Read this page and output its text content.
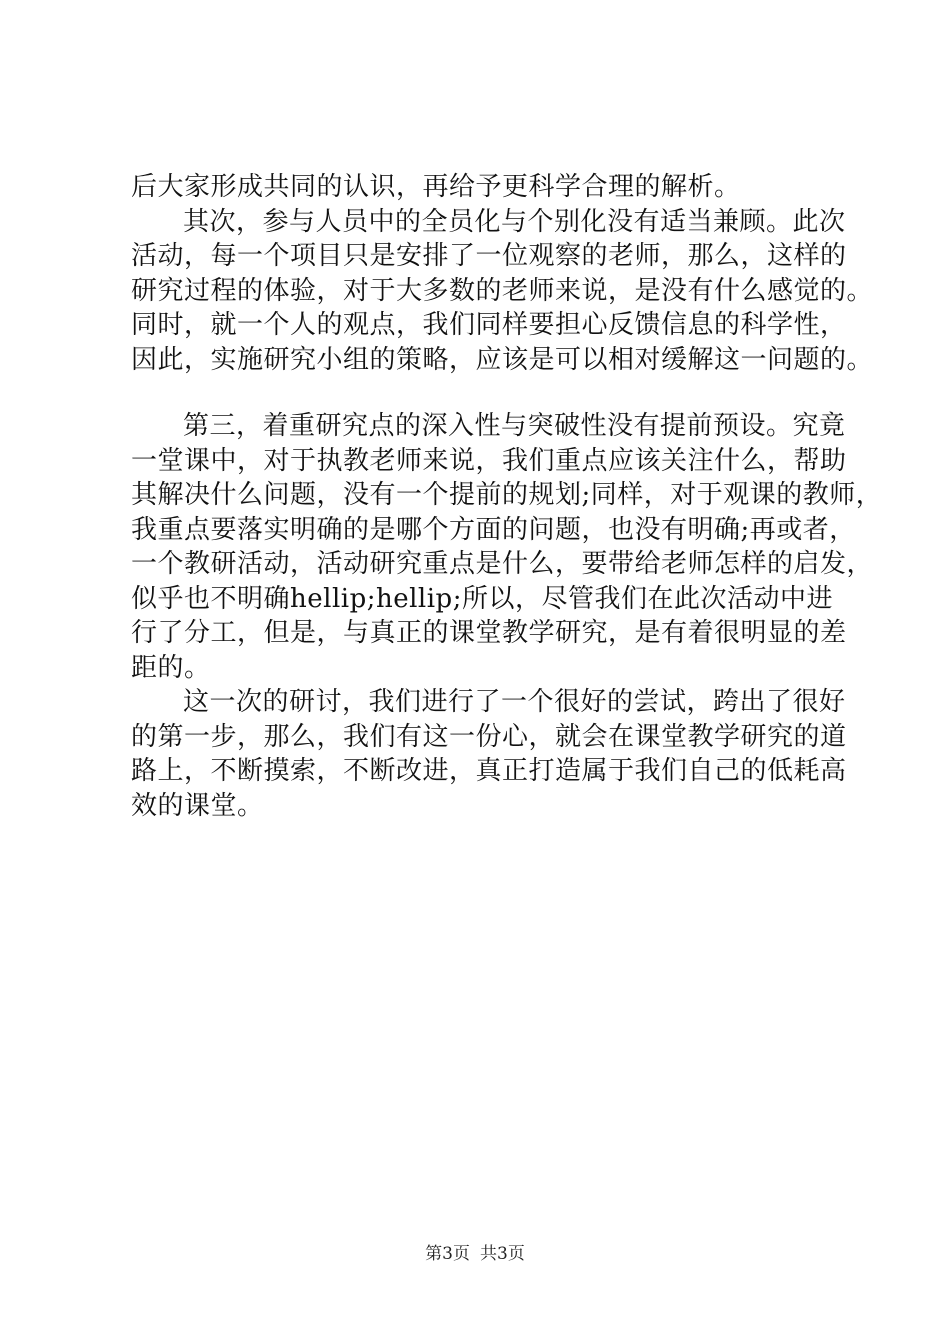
后大家形成共同的认识，再给予更科学合理的解析。
其次，参与人员中的全员化与个别化没有适当兼顾。此次
活动，每一个项目只是安排了一位观察的老师，那么，这样的
研究过程的体验，对于大多数的老师来说，是没有什么感觉的。
同时，就一个人的观点，我们同样要担心反馈信息的科学性，
因此，实施研究小组的策略，应该是可以相对缓解这一问题的。
第三，着重研究点的深入性与突破性没有提前预设。究竟
一堂课中，对于执教老师来说，我们重点应该关注什么，帮助
其解决什么问题，没有一个提前的规划;同样，对于观课的教师，
我重点要落实明确的是哪个方面的问题，也没有明确;再或者，
一个教研活动，活动研究重点是什么，要带给老师怎样的启发，
似乎也不明确hellip;hellip;所以，尽管我们在此次活动中进
行了分工，但是，与真正的课堂教学研究，是有着很明显的差
距的。
这一次的研讨，我们进行了一个很好的尝试，跨出了很好
的第一步，那么，我们有这一份心，就会在课堂教学研究的道
路上，不断摸索，不断改进，真正打造属于我们自己的低耗高
效的课堂。
第3页 共3页
